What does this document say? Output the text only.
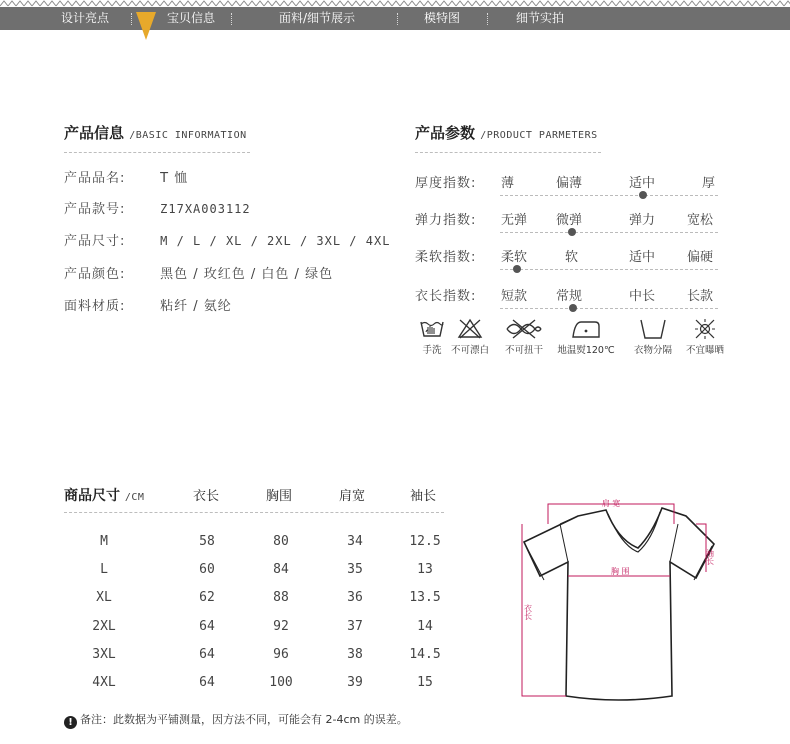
设计亮点	宝贝信息	面料/细节展示	模特图	细节实拍
产品信息 /BASIC INFORMATION
产品品名:	T 恤
产品款号:	Z17XA003112
产品尺寸:	M / L / XL / 2XL / 3XL / 4XL
产品颜色:	黑色 / 玫红色 / 白色 / 绿色
面料材质:	粘纤 / 氨纶
产品参数 /PRODUCT PARMETERS
厚度指数: 薄	偏薄	适中	厚
弹力指数: 无弹 微弹	弹力 宽松
柔软指数: 柔软	软	适中 偏硬
衣长指数: 短款 常规	中长 长款
手洗 不可漂白	不可扭干	地温熨120℃	衣物分隔	不宜曝晒
商品尺寸 /CM	衣长	胸围	肩宽	袖长
M	58	80	34	12.5
L	60	84	35	13
XL	62	88	36	13.5
2XL	64	92	37	14
3XL	64	96	38	14.5
4XL	64	100	39	15
! 备注：此数据为平铺测量，因方法不同，可能会有 2-4cm 的误差。
肩 宽
袖长
胸 围
衣长
